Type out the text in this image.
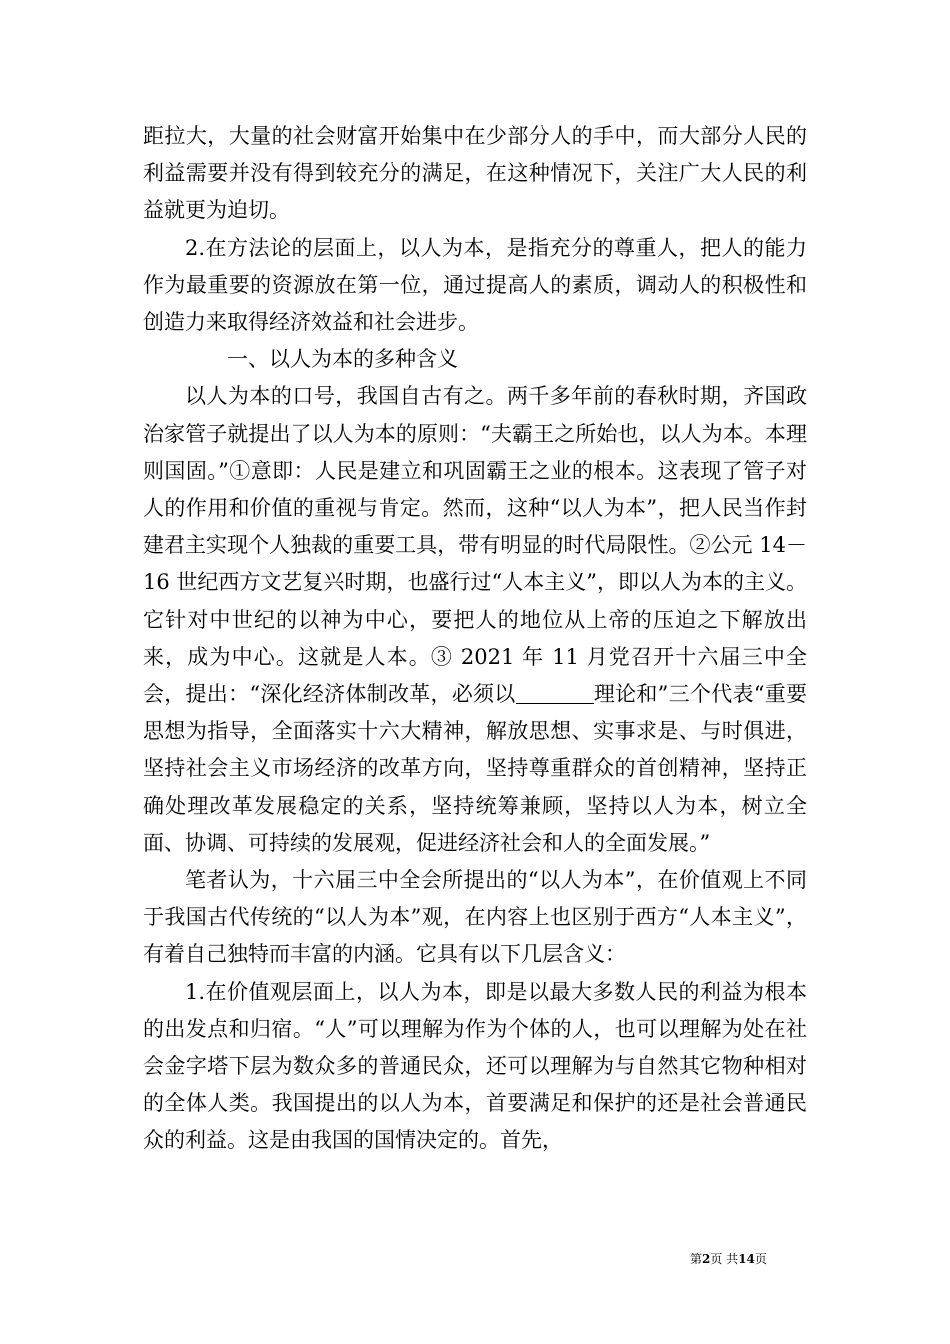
距拉大，大量的社会财富开始集中在少部分人的手中，而大部分人民的利益需要并没有得到较充分的满足，在这种情况下，关注广大人民的利益就更为迫切。

2.在方法论的层面上，以人为本，是指充分的尊重人，把人的能力作为最重要的资源放在第一位，通过提高人的素质，调动人的积极性和创造力来取得经济效益和社会进步。

一、以人为本的多种含义

以人为本的口号，我国自古有之。两千多年前的春秋时期，齐国政治家管子就提出了以人为本的原则：“夫霸王之所始也，以人为本。本理则国固。”①意即：人民是建立和巩固霸王之业的根本。这表现了管子对人的作用和价值的重视与肯定。然而，这种“以人为本”，把人民当作封建君主实现个人独裁的重要工具，带有明显的时代局限性。②公元 14－16 世纪西方文艺复兴时期，也盛行过“人本主义”，即以人为本的主义。它针对中世纪的以神为中心，要把人的地位从上帝的压迫之下解放出来，成为中心。这就是人本。③ 2021 年 11 月党召开十六届三中全会，提出：“深化经济体制改革，必须以	理论和”三个代表“重要思想为指导，全面落实十六大精神，解放思想、实事求是、与时俱进，坚持社会主义市场经济的改革方向，坚持尊重群众的首创精神，坚持正确处理改革发展稳定的关系，坚持统筹兼顾，坚持以人为本，树立全面、协调、可持续的发展观，促进经济社会和人的全面发展。”

笔者认为，十六届三中全会所提出的“以人为本”，在价值观上不同于我国古代传统的“以人为本”观，在内容上也区别于西方“人本主义”，有着自己独特而丰富的内涵。它具有以下几层含义：

1.在价值观层面上，以人为本，即是以最大多数人民的利益为根本的出发点和归宿。“人”可以理解为作为个体的人，也可以理解为处在社会金字塔下层为数众多的普通民众，还可以理解为与自然其它物种相对的全体人类。我国提出的以人为本，首要满足和保护的还是社会普通民众的利益。这是由我国的国情决定的。首先，

第2页 共14页
